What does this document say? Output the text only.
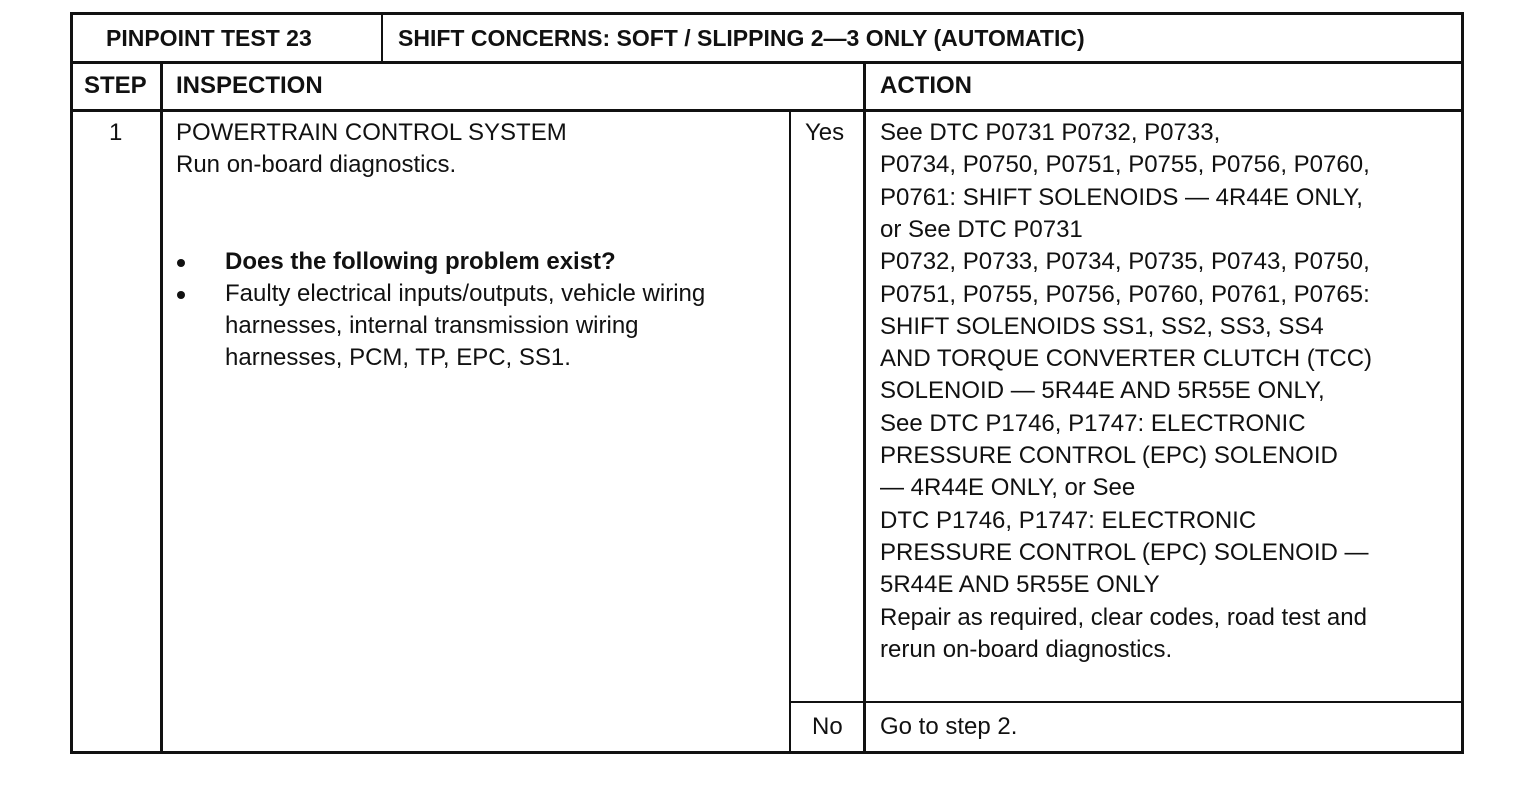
PINPOINT TEST 23	SHIFT CONCERNS: SOFT / SLIPPING 2—3 ONLY (AUTOMATIC)
STEP INSPECTION	ACTION
1 POWERTRAIN CONTROL SYSTEM
Run on-board diagnostics.
Does the following problem exist?
Faulty electrical inputs/outputs, vehicle wiring
harnesses, internal transmission wiring
harnesses, PCM, TP, EPC, SS1.
Yes
No
See DTC P0731 P0732, P0733,
P0734, P0750, P0751, P0755, P0756, P0760,
P0761: SHIFT SOLENOIDS — 4R44E ONLY,
or See DTC P0731
P0732, P0733, P0734, P0735, P0743, P0750,
P0751, P0755, P0756, P0760, P0761, P0765:
SHIFT SOLENOIDS SS1, SS2, SS3, SS4
AND TORQUE CONVERTER CLUTCH (TCC)
SOLENOID — 5R44E AND 5R55E ONLY,
See DTC P1746, P1747: ELECTRONIC
PRESSURE CONTROL (EPC) SOLENOID
— 4R44E ONLY, or See
DTC P1746, P1747: ELECTRONIC
PRESSURE CONTROL (EPC) SOLENOID —
5R44E AND 5R55E ONLY
Repair as required, clear codes, road test and
rerun on-board diagnostics.
Go to step 2.
